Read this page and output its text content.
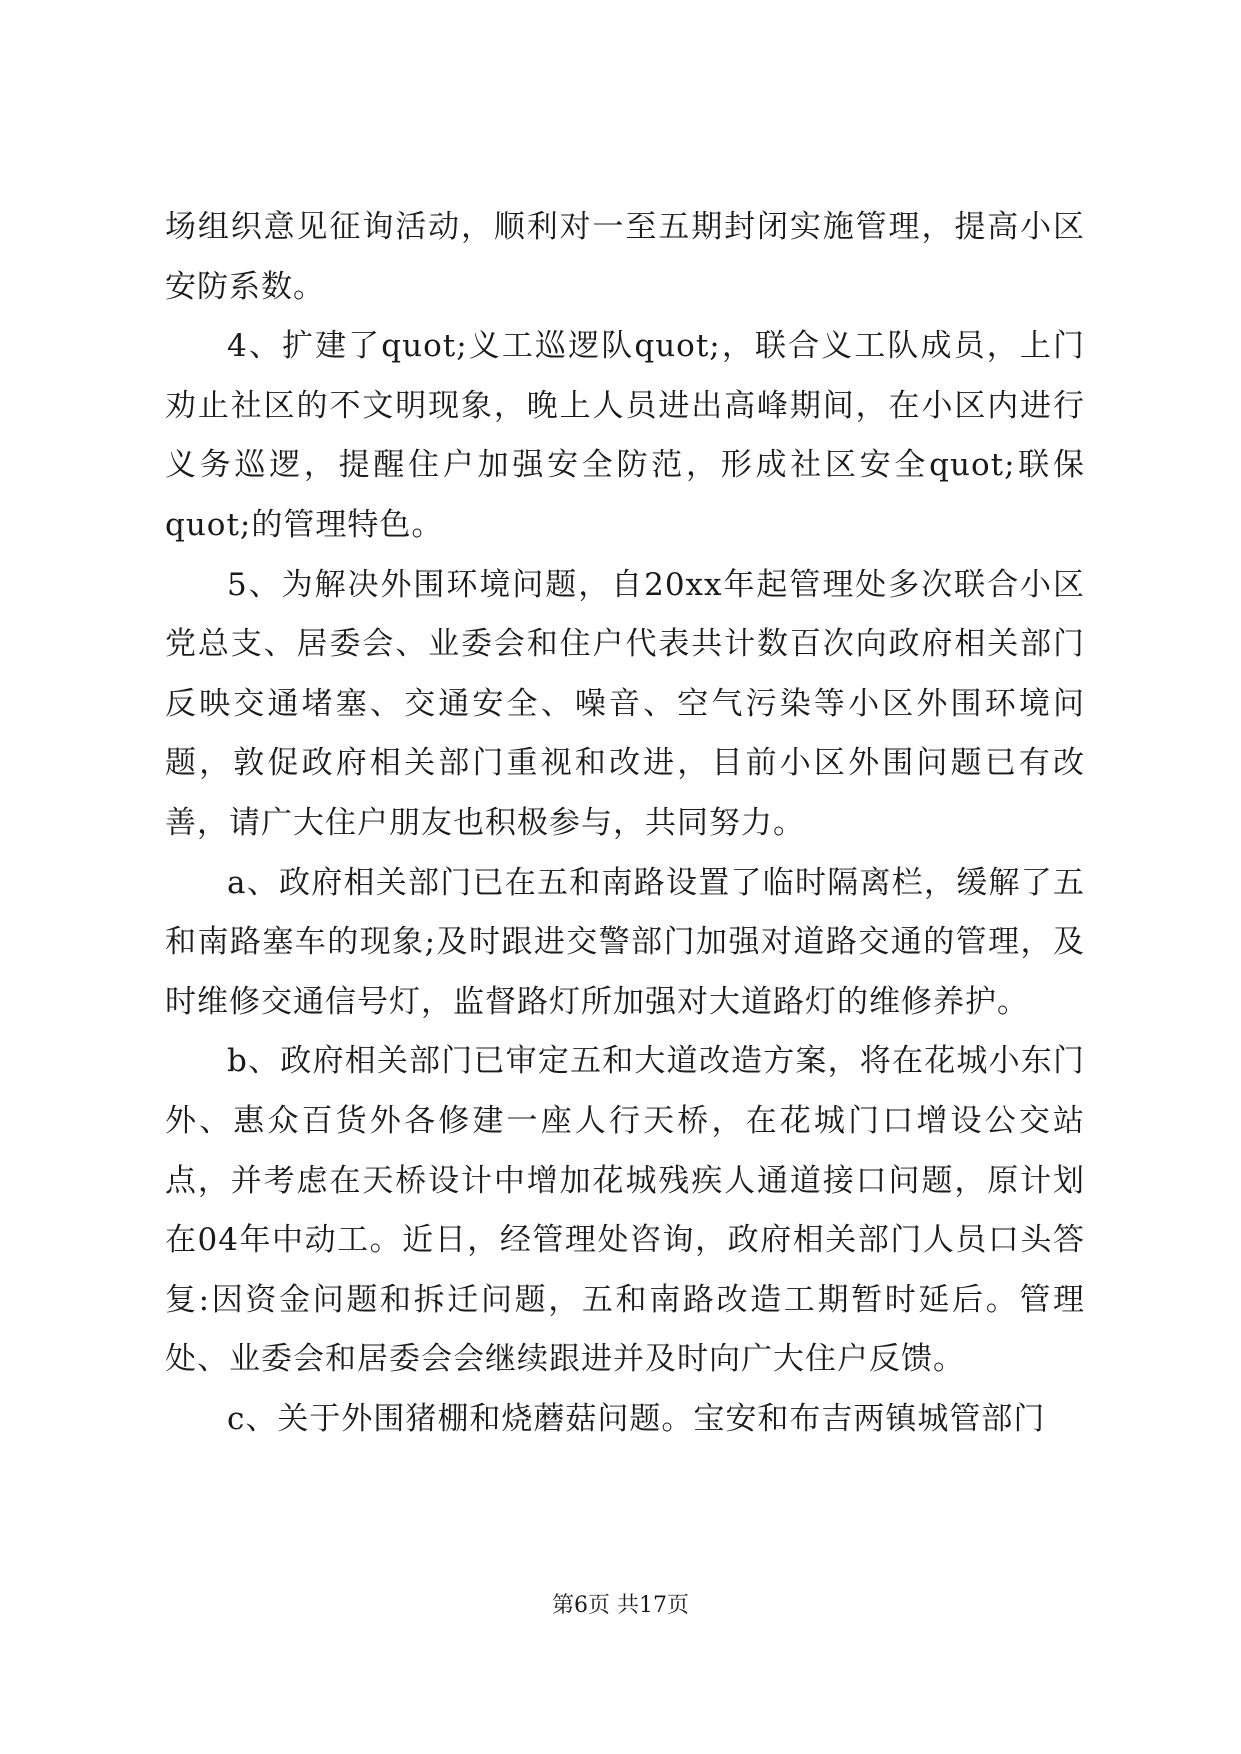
场组织意见征询活动，顺利对一至五期封闭实施管理，提高小区安防系数。

4、扩建了quot;义工巡逻队quot;，联合义工队成员，上门劝止社区的不文明现象，晚上人员进出高峰期间，在小区内进行义务巡逻，提醒住户加强安全防范，形成社区安全quot;联保quot;的管理特色。

5、为解决外围环境问题，自20xx年起管理处多次联合小区党总支、居委会、业委会和住户代表共计数百次向政府相关部门反映交通堵塞、交通安全、噪音、空气污染等小区外围环境问题，敦促政府相关部门重视和改进，目前小区外围问题已有改善，请广大住户朋友也积极参与，共同努力。

a、政府相关部门已在五和南路设置了临时隔离栏，缓解了五和南路塞车的现象;及时跟进交警部门加强对道路交通的管理，及时维修交通信号灯，监督路灯所加强对大道路灯的维修养护。

b、政府相关部门已审定五和大道改造方案，将在花城小东门外、惠众百货外各修建一座人行天桥，在花城门口增设公交站点，并考虑在天桥设计中增加花城残疾人通道接口问题，原计划在04年中动工。近日，经管理处咨询，政府相关部门人员口头答复:因资金问题和拆迁问题，五和南路改造工期暂时延后。管理处、业委会和居委会会继续跟进并及时向广大住户反馈。

c、关于外围猪棚和烧蘑菇问题。宝安和布吉两镇城管部门

第6页 共17页
